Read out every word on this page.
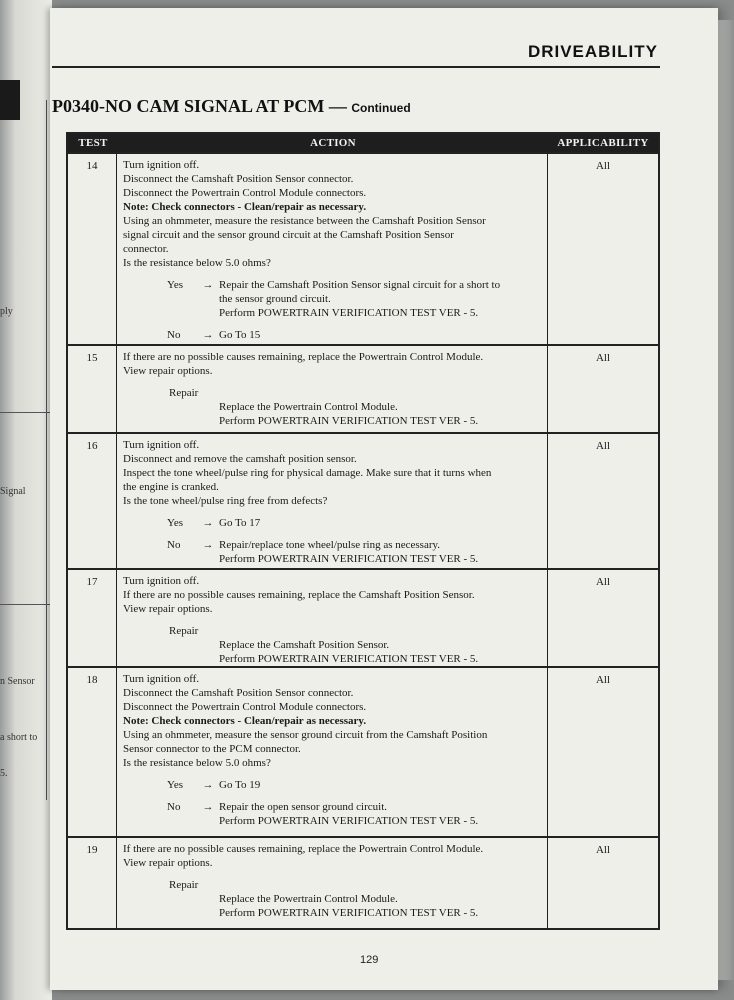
ply
Signal
n Sensor
a short to
5.
DRIVEABILITY
P0340-NO CAM SIGNAL AT PCM — Continued
TEST	ACTION	APPLICABILITY
14	Turn ignition off.
Disconnect the Camshaft Position Sensor connector.
Disconnect the Powertrain Control Module connectors.
Note: Check connectors - Clean/repair as necessary.
Using an ohmmeter, measure the resistance between the Camshaft Position Sensor
signal circuit and the sensor ground circuit at the Camshaft Position Sensor
connector.
Is the resistance below 5.0 ohms?
Yes	→ Repair the Camshaft Position Sensor signal circuit for a short to
the sensor ground circuit.
Perform POWERTRAIN VERIFICATION TEST VER - 5.
No	→ Go To 15
All
15	If there are no possible causes remaining, replace the Powertrain Control Module.
View repair options.
Repair
Replace the Powertrain Control Module.
Perform POWERTRAIN VERIFICATION TEST VER - 5.
All
16	Turn ignition off.
Disconnect and remove the camshaft position sensor.
Inspect the tone wheel/pulse ring for physical damage. Make sure that it turns when
the engine is cranked.
Is the tone wheel/pulse ring free from defects?
Yes	→ Go To 17
No	→ Repair/replace tone wheel/pulse ring as necessary.
Perform POWERTRAIN VERIFICATION TEST VER - 5.
All
17	Turn ignition off.
If there are no possible causes remaining, replace the Camshaft Position Sensor.
View repair options.
Repair
Replace the Camshaft Position Sensor.
Perform POWERTRAIN VERIFICATION TEST VER - 5.
All
18	Turn ignition off.
Disconnect the Camshaft Position Sensor connector.
Disconnect the Powertrain Control Module connectors.
Note: Check connectors - Clean/repair as necessary.
Using an ohmmeter, measure the sensor ground circuit from the Camshaft Position
Sensor connector to the PCM connector.
Is the resistance below 5.0 ohms?
Yes	→ Go To 19
No	→ Repair the open sensor ground circuit.
Perform POWERTRAIN VERIFICATION TEST VER - 5.
All
19	If there are no possible causes remaining, replace the Powertrain Control Module.
View repair options.
Repair
Replace the Powertrain Control Module.
Perform POWERTRAIN VERIFICATION TEST VER - 5.
All
129
